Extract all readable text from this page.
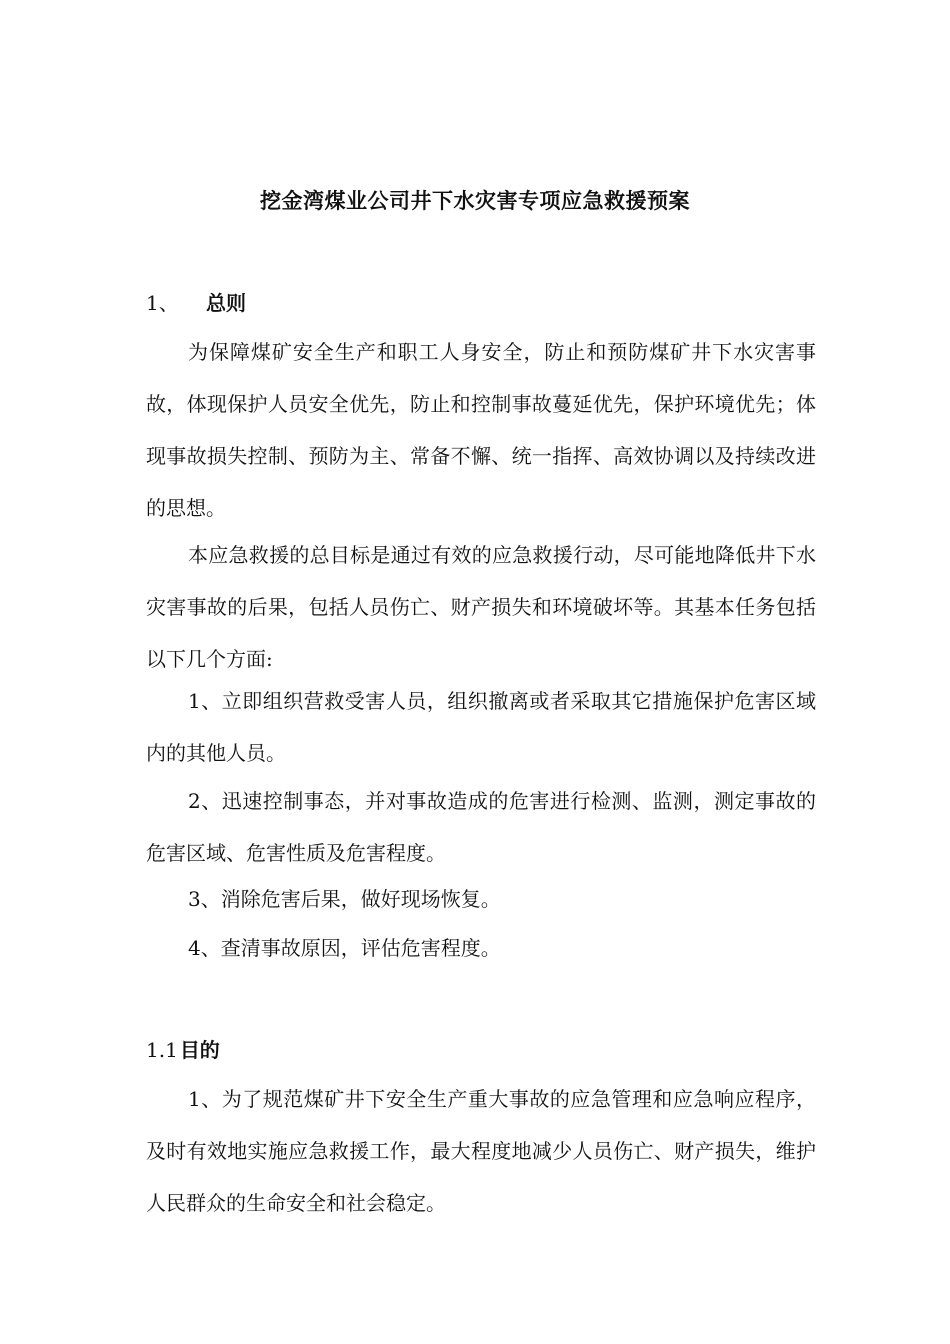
挖金湾煤业公司井下水灾害专项应急救援预案
1、 总则

为保障煤矿安全生产和职工人身安全，防止和预防煤矿井下水灾害事故，体现保护人员安全优先，防止和控制事故蔓延优先，保护环境优先；体现事故损失控制、预防为主、常备不懈、统一指挥、高效协调以及持续改进的思想。

本应急救援的总目标是通过有效的应急救援行动，尽可能地降低井下水灾害事故的后果，包括人员伤亡、财产损失和环境破坏等。其基本任务包括以下几个方面:

1、立即组织营救受害人员，组织撤离或者采取其它措施保护危害区域内的其他人员。

2、迅速控制事态，并对事故造成的危害进行检测、监测，测定事故的危害区域、危害性质及危害程度。

3、消除危害后果，做好现场恢复。

4、查清事故原因，评估危害程度。

1.1 目的

1、为了规范煤矿井下安全生产重大事故的应急管理和应急响应程序，及时有效地实施应急救援工作，最大程度地减少人员伤亡、财产损失，维护人民群众的生命安全和社会稳定。
